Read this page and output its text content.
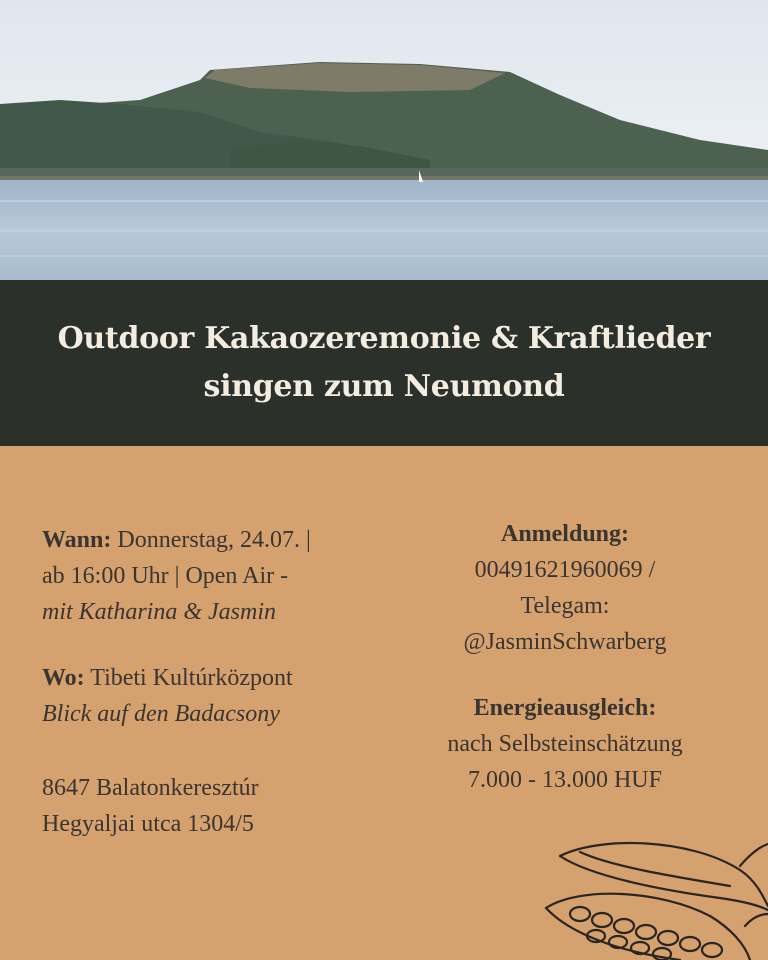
Outdoor Kakaozeremonie & Kraftlieder
singen zum Neumond

Wann: Donnerstag, 24.07. |

ab 16:00 Uhr | Open Air -

mit Katharina & Jasmin

Wo: Tibeti Kultúrközpont

Blick auf den Badacsony

8647 Balatonkeresztúr

Hegyaljai utca 1304/5

Anmeldung:

00491621960069 /

Telegam:

@JasminSchwarberg

Energieausgleich:

nach Selbsteinschätzung

7.000 - 13.000 HUF
